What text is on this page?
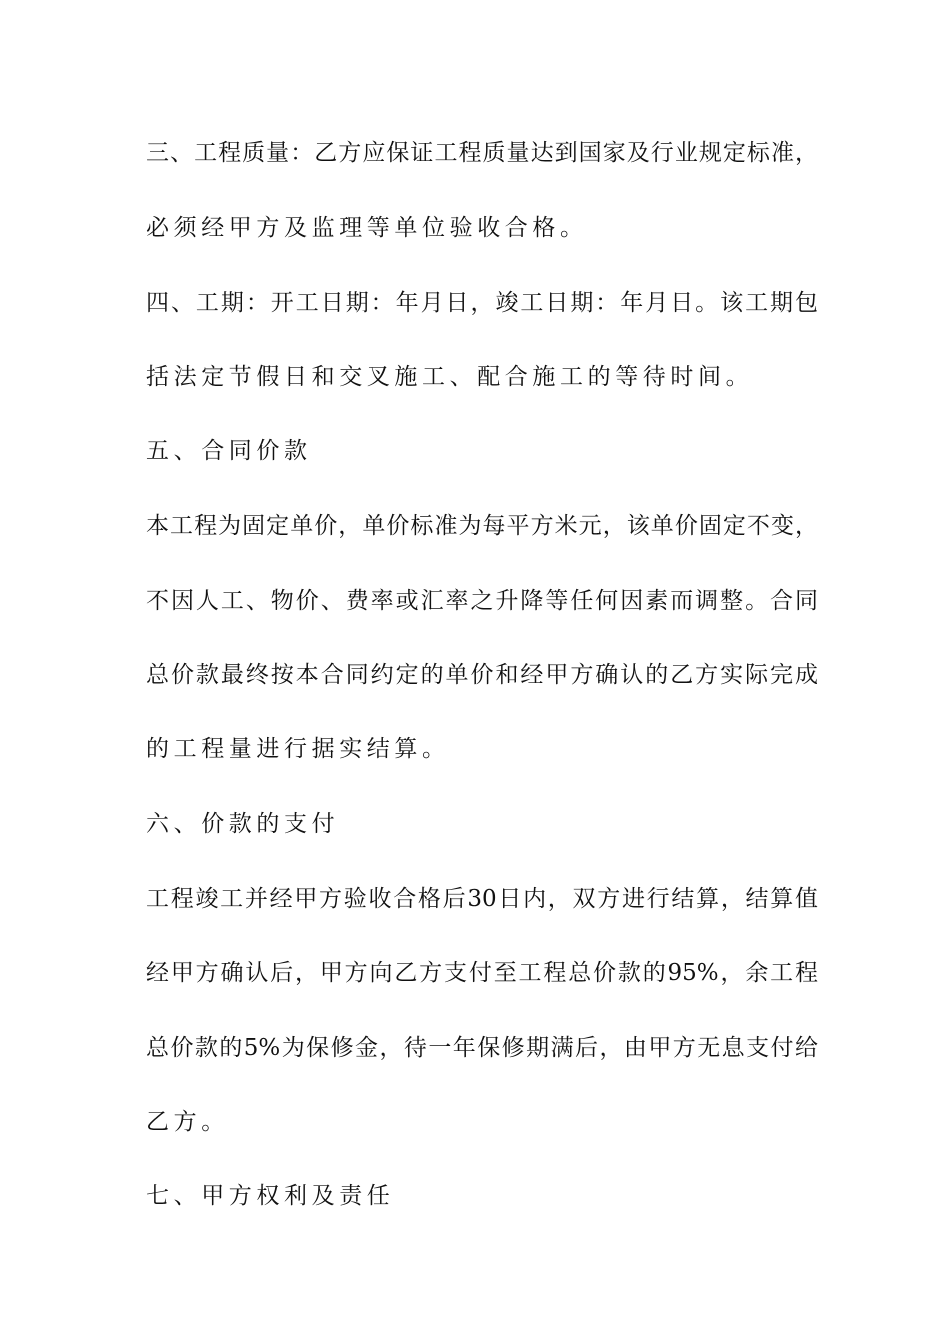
三、工程质量：乙方应保证工程质量达到国家及行业规定标准，
必须经甲方及监理等单位验收合格。
四、工期：开工日期：年月日，竣工日期：年月日。该工期包
括法定节假日和交叉施工、配合施工的等待时间。
五、合同价款
本工程为固定单价，单价标准为每平方米元，该单价固定不变，
不因人工、物价、费率或汇率之升降等任何因素而调整。合同
总价款最终按本合同约定的单价和经甲方确认的乙方实际完成
的工程量进行据实结算。
六、价款的支付
工程竣工并经甲方验收合格后30日内，双方进行结算，结算值
经甲方确认后，甲方向乙方支付至工程总价款的95%，余工程
总价款的5%为保修金，待一年保修期满后，由甲方无息支付给
乙方。
七、甲方权利及责任
